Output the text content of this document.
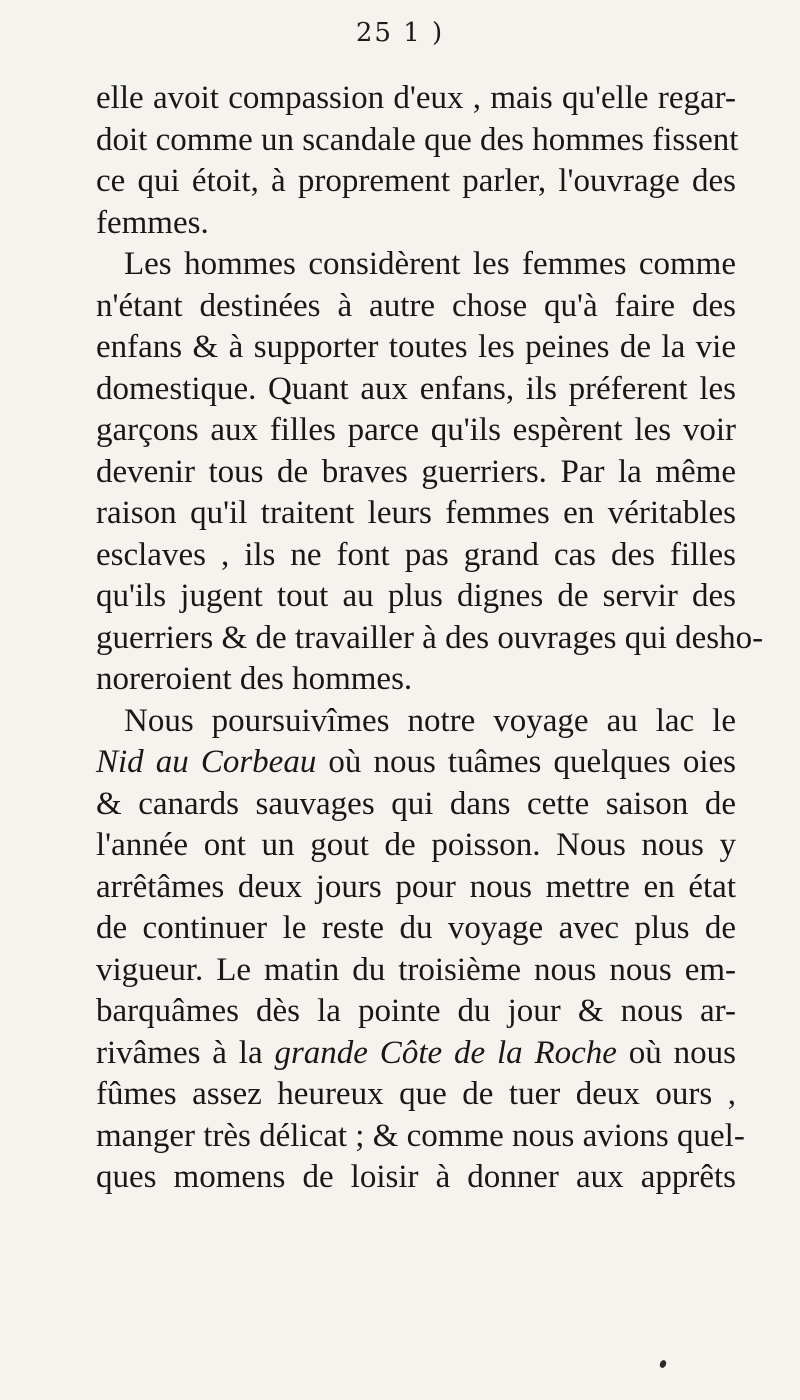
25 1 )
elle avoit compassion d'eux , mais qu'elle regar-
doit comme un scandale que des hommes fissent
ce qui étoit, à proprement parler, l'ouvrage des
femmes.
Les hommes considèrent les femmes comme
n'étant destinées à autre chose qu'à faire des
enfans & à supporter toutes les peines de la vie
domestique. Quant aux enfans, ils préferent les
garçons aux filles parce qu'ils espèrent les voir
devenir tous de braves guerriers. Par la même
raison qu'il traitent leurs femmes en véritables
esclaves , ils ne font pas grand cas des filles
qu'ils jugent tout au plus dignes de servir des
guerriers & de travailler à des ouvrages qui desho-
noreroient des hommes.
Nous poursuivîmes notre voyage au lac le
Nid au Corbeau où nous tuâmes quelques oies
& canards sauvages qui dans cette saison de
l'année ont un gout de poisson. Nous nous y
arrêtâmes deux jours pour nous mettre en état
de continuer le reste du voyage avec plus de
vigueur. Le matin du troisième nous nous em-
barquâmes dès la pointe du jour & nous ar-
rivâmes à la grande Côte de la Roche où nous
fûmes assez heureux que de tuer deux ours ,
manger très délicat ; & comme nous avions quel-
ques momens de loisir à donner aux apprêts
